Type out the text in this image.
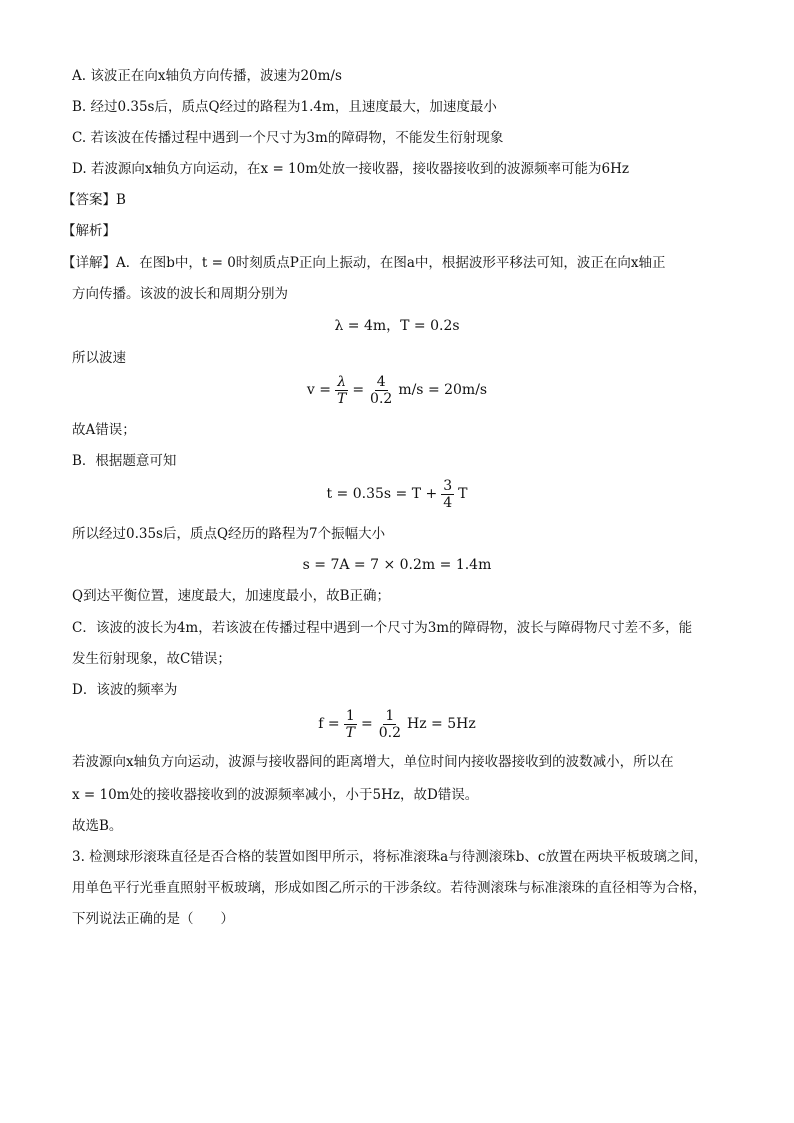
A. 该波正在向x轴负方向传播，波速为20m/s
B. 经过0.35s后，质点Q经过的路程为1.4m，且速度最大，加速度最小
C. 若该波在传播过程中遇到一个尺寸为3m的障碍物，不能发生衍射现象
D. 若波源向x轴负方向运动，在x = 10m处放一接收器，接收器接收到的波源频率可能为6Hz
【答案】B
【解析】
【详解】A．在图b中，t = 0时刻质点P正向上振动，在图a中，根据波形平移法可知，波正在向x轴正
方向传播。该波的波长和周期分别为
λ = 4m，T = 0.2s
所以波速
$v = \frac{\lambda}{T} = \frac{4}{0.2} m/s = 20m/s$
故A错误；
B．根据题意可知
$t = 0.35s = T + \frac{3}{4}$ T
所以经过0.35s后，质点Q经历的路程为7个振幅大小
s = 7A = 7 × 0.2m = 1.4m
Q到达平衡位置，速度最大，加速度最小，故B正确；
C．该波的波长为4m，若该波在传播过程中遇到一个尺寸为3m的障碍物，波长与障碍物尺寸差不多，能
发生衍射现象，故C错误；
D．该波的频率为
$f = \frac{1}{T} = \frac{1}{0.2}$ Hz = 5Hz
若波源向x轴负方向运动，波源与接收器间的距离增大，单位时间内接收器接收到的波数减小，所以在
x = 10m处的接收器接收到的波源频率减小，小于5Hz，故D错误。
故选B。
3. 检测球形滚珠直径是否合格的装置如图甲所示，将标准滚珠a与待测滚珠b、c放置在两块平板玻璃之间，
用单色平行光垂直照射平板玻璃，形成如图乙所示的干涉条纹。若待测滚珠与标准滚珠的直径相等为合格，
下列说法正确的是（　　）
